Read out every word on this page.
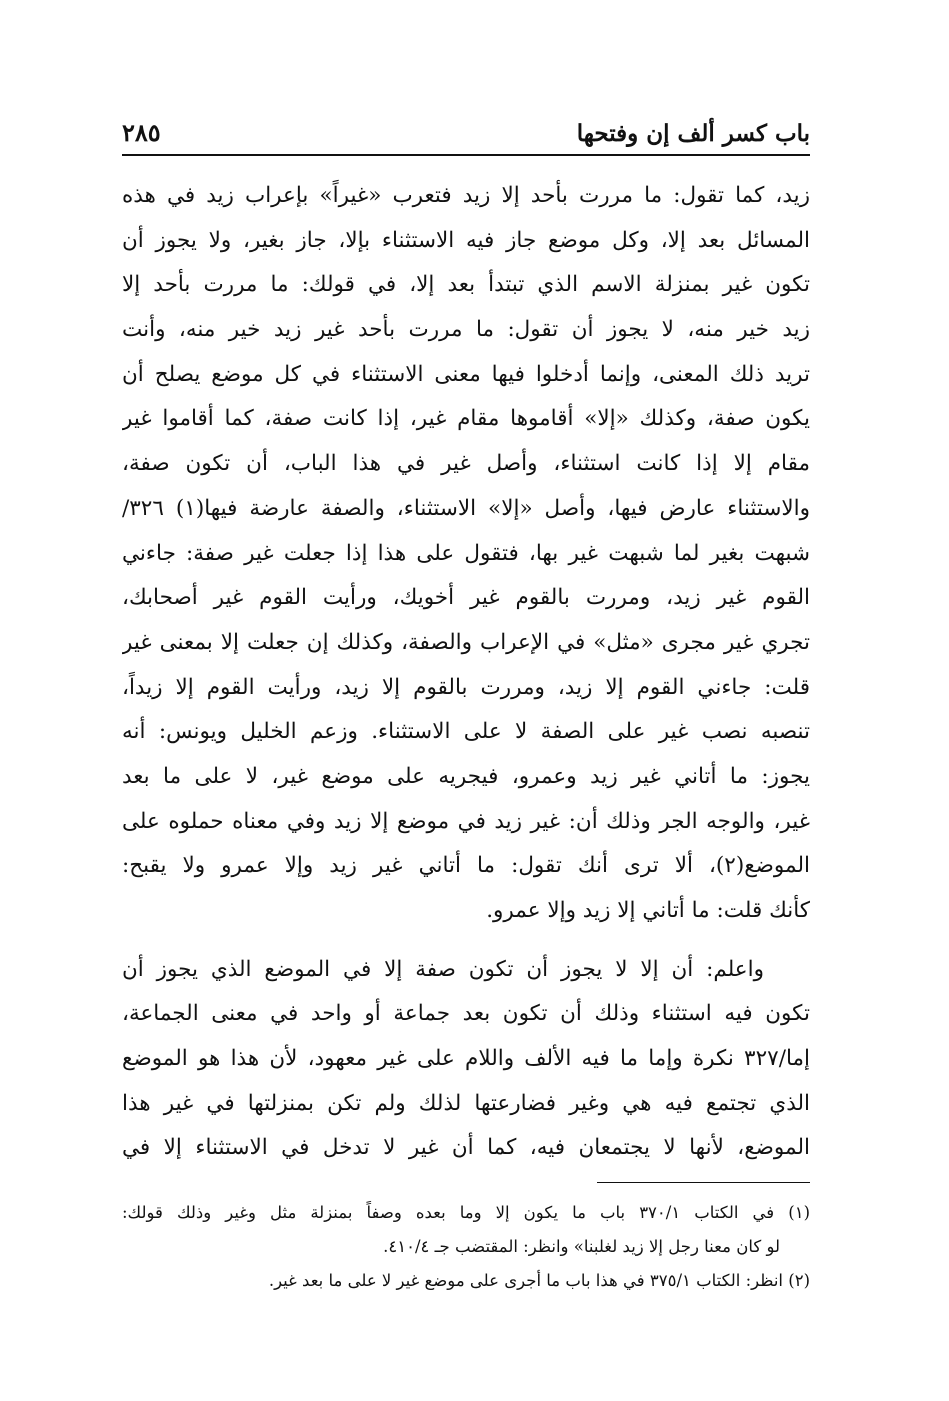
باب كسر ألف إن وفتحها
٢٨٥
زيد، كما تقول: ما مررت بأحد إلا زيد فتعرب «غيراً» بإعراب زيد في هذه
المسائل بعد إلا، وكل موضع جاز فيه الاستثناء بإلا، جاز بغير، ولا يجوز أن
تكون غير بمنزلة الاسم الذي تبتدأ بعد إلا، في قولك: ما مررت بأحد إلا
زيد خير منه، لا يجوز أن تقول: ما مررت بأحد غير زيد خير منه، وأنت
تريد ذلك المعنى، وإنما أدخلوا فيها معنى الاستثناء في كل موضع يصلح أن
يكون صفة، وكذلك «إلا» أقاموها مقام غير، إذا كانت صفة، كما أقاموا غير
مقام إلا إذا كانت استثناء، وأصل غير في هذا الباب، أن تكون صفة،
والاستثناء عارض فيها، وأصل «إلا» الاستثناء، والصفة عارضة فيها(١) ٣٢٦/
شبهت بغير لما شبهت غير بها، فتقول على هذا إذا جعلت غير صفة: جاءني
القوم غير زيد، ومررت بالقوم غير أخويك، ورأيت القوم غير أصحابك،
تجري غير مجرى «مثل» في الإعراب والصفة، وكذلك إن جعلت إلا بمعنى غير
قلت: جاءني القوم إلا زيد، ومررت بالقوم إلا زيد، ورأيت القوم إلا زيداً،
تنصبه نصب غير على الصفة لا على الاستثناء. وزعم الخليل ويونس: أنه
يجوز: ما أتاني غير زيد وعمرو، فيجريه على موضع غير، لا على ما بعد
غير، والوجه الجر وذلك أن: غير زيد في موضع إلا زيد وفي معناه حملوه على
الموضع(٢)، ألا ترى أنك تقول: ما أتاني غير زيد وإلا عمرو ولا يقبح:
كأنك قلت: ما أتاني إلا زيد وإلا عمرو.
واعلم: أن إلا لا يجوز أن تكون صفة إلا في الموضع الذي يجوز أن
تكون فيه استثناء وذلك أن تكون بعد جماعة أو واحد في معنى الجماعة،
إما/٣٢٧ نكرة وإما ما فيه الألف واللام على غير معهود، لأن هذا هو الموضع
الذي تجتمع فيه هي وغير فضارعتها لذلك ولم تكن بمنزلتها في غير هذا
الموضع، لأنها لا يجتمعان فيه، كما أن غير لا تدخل في الاستثناء إلا في
(١) في الكتاب ٣٧٠/١ باب ما يكون إلا وما بعده وصفاً بمنزلة مثل وغير وذلك قولك:
لو كان معنا رجل إلا زيد لغلبنا» وانظر: المقتضب جـ ٤١٠/٤.
(٢) انظر: الكتاب ٣٧٥/١ في هذا باب ما أجرى على موضع غير لا على ما بعد غير.
